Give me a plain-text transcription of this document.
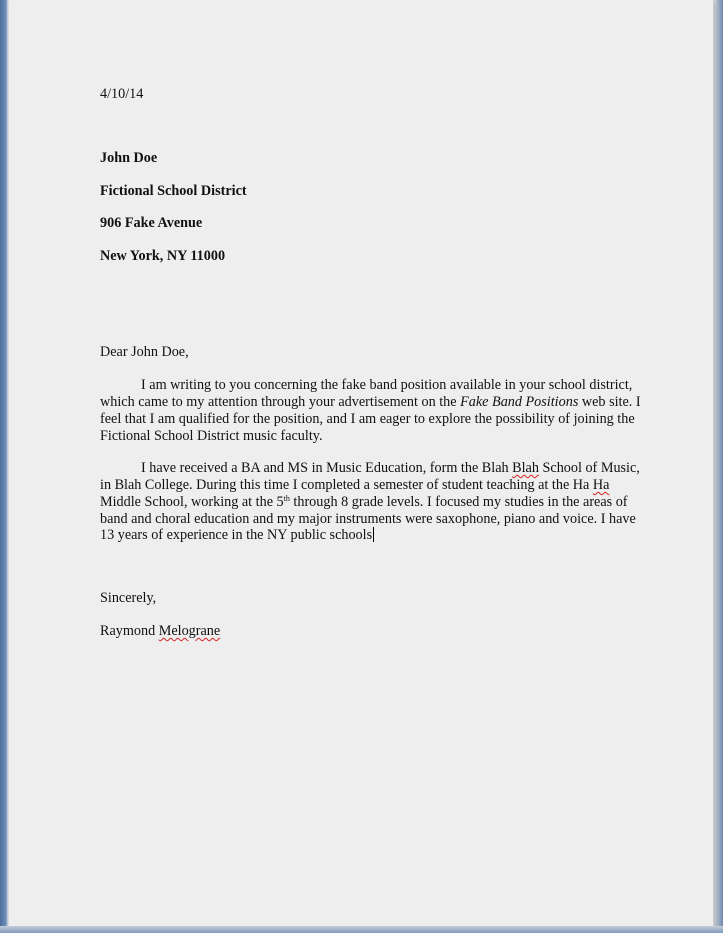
4/10/14
John Doe
Fictional School District
906 Fake Avenue
New York, NY 11000
Dear John Doe,
I am writing to you concerning the fake band position available in your school district,
which came to my attention through your advertisement on the Fake Band Positions web site. I
feel that I am qualified for the position, and I am eager to explore the possibility of joining the
Fictional School District music faculty.
I have received a BA and MS in Music Education, form the Blah Blah School of Music,
in Blah College. During this time I completed a semester of student teaching at the Ha Ha
Middle School, working at the 5th through 8 grade levels. I focused my studies in the areas of
band and choral education and my major instruments were saxophone, piano and voice. I have
13 years of experience in the NY public schools
Sincerely,
Raymond Melograne
